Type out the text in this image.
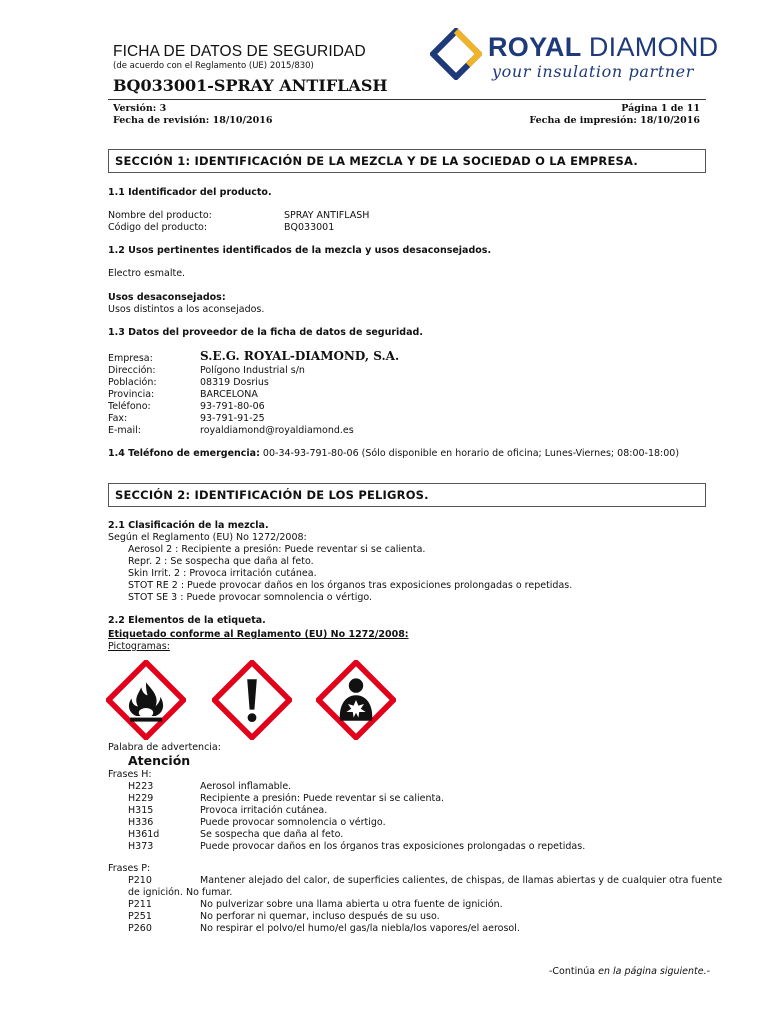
FICHA DE DATOS DE SEGURIDAD
(de acuerdo con el Reglamento (UE) 2015/830)
BQ033001-SPRAY ANTIFLASH
ROYAL DIAMOND
your insulation partner
Versión: 3
Fecha de revisión: 18/10/2016
Página 1 de 11
Fecha de impresión: 18/10/2016
SECCIÓN 1: IDENTIFICACIÓN DE LA MEZCLA Y DE LA SOCIEDAD O LA EMPRESA.
1.1 Identificador del producto.
Nombre del producto:	SPRAY ANTIFLASH
Código del producto:	BQ033001
1.2 Usos pertinentes identificados de la mezcla y usos desaconsejados.
Electro esmalte.
Usos desaconsejados:
Usos distintos a los aconsejados.
1.3 Datos del proveedor de la ficha de datos de seguridad.
Empresa:	S.E.G. ROYAL-DIAMOND, S.A.
Dirección:	Polígono Industrial s/n
Población:	08319 Dosrius
Provincia:	BARCELONA
Teléfono:	93-791-80-06
Fax:	93-791-91-25
E-mail:	royaldiamond@royaldiamond.es
1.4 Teléfono de emergencia: 00-34-93-791-80-06 (Sólo disponible en horario de oficina; Lunes-Viernes; 08:00-18:00)
SECCIÓN 2: IDENTIFICACIÓN DE LOS PELIGROS.
2.1 Clasificación de la mezcla.
Según el Reglamento (EU) No 1272/2008:
Aerosol 2 : Recipiente a presión: Puede reventar si se calienta.
Repr. 2 : Se sospecha que daña al feto.
Skin Irrit. 2 : Provoca irritación cutánea.
STOT RE 2 : Puede provocar daños en los órganos tras exposiciones prolongadas o repetidas.
STOT SE 3 : Puede provocar somnolencia o vértigo.
2.2 Elementos de la etiqueta.
Etiquetado conforme al Reglamento (EU) No 1272/2008:
Pictogramas:
Palabra de advertencia:
Atención
Frases H:
H223	Aerosol inflamable.
H229	Recipiente a presión: Puede reventar si se calienta.
H315	Provoca irritación cutánea.
H336	Puede provocar somnolencia o vértigo.
H361d	Se sospecha que daña al feto.
H373	Puede provocar daños en los órganos tras exposiciones prolongadas o repetidas.
Frases P:
P210	Mantener alejado del calor, de superficies calientes, de chispas, de llamas abiertas y de cualquier otra fuente
de ignición. No fumar.
P211	No pulverizar sobre una llama abierta u otra fuente de ignición.
P251	No perforar ni quemar, incluso después de su uso.
P260	No respirar el polvo/el humo/el gas/la niebla/los vapores/el aerosol.
-Continúa en la página siguiente.-
